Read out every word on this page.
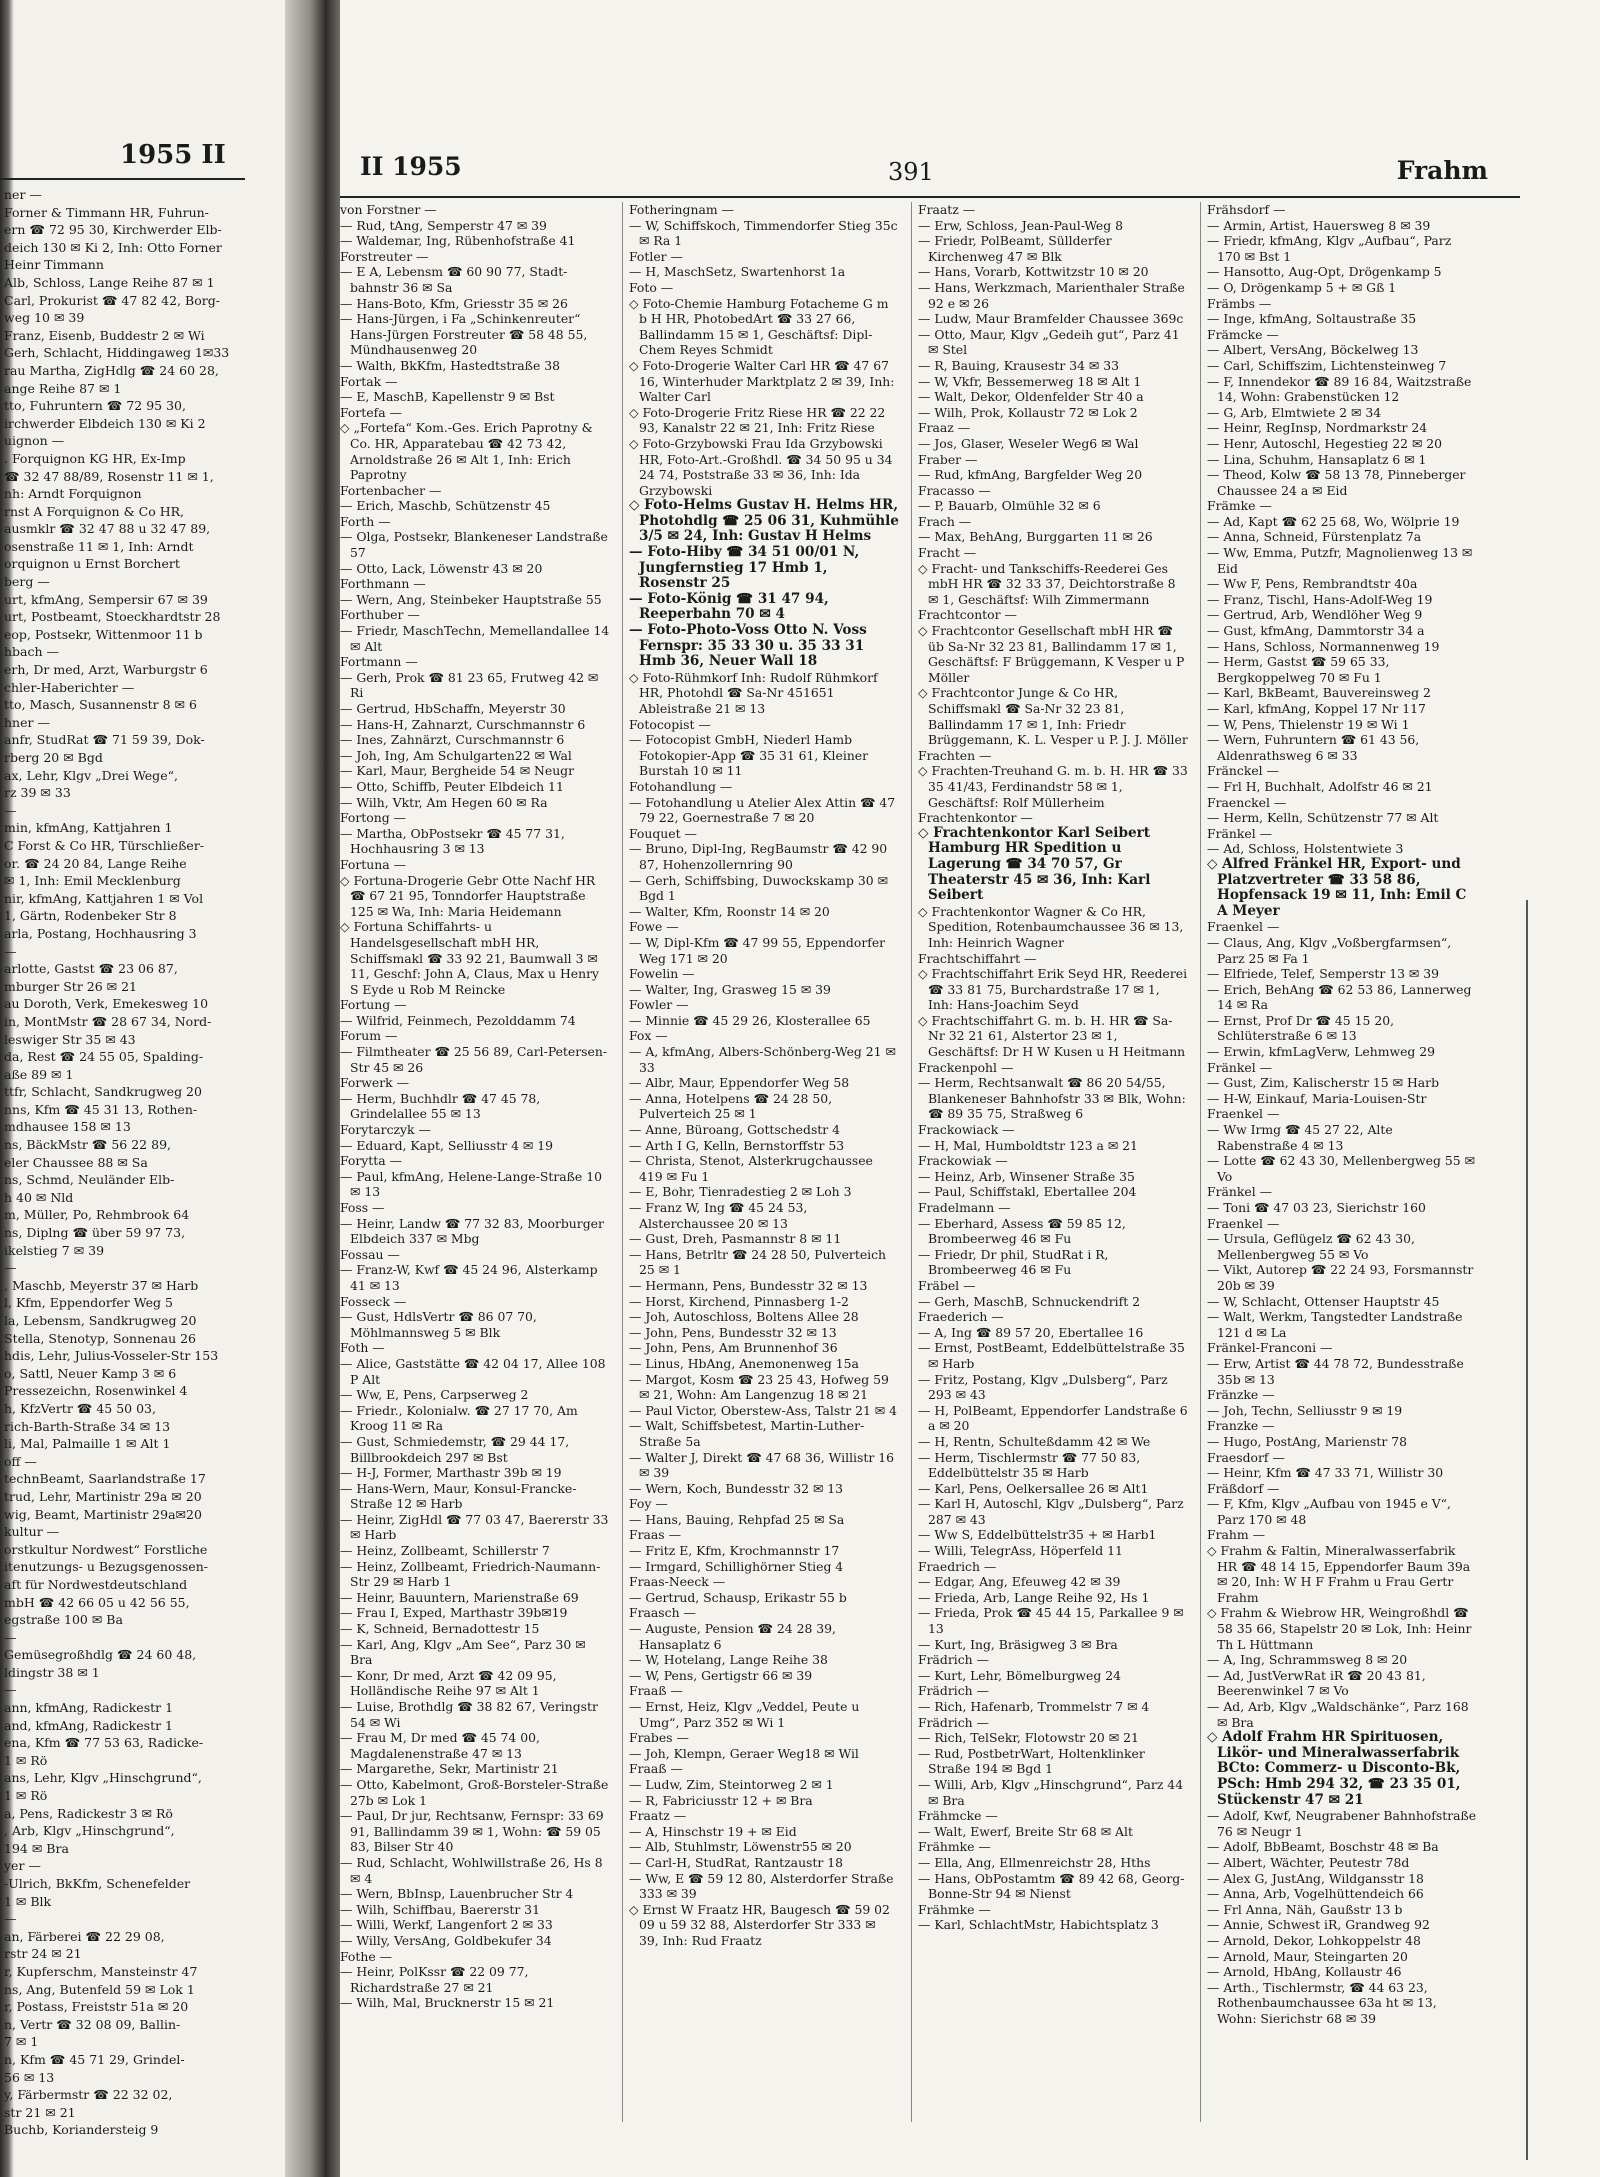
1955 II
ner —
Forner & Timmann HR, Fuhrun-
ern ☎ 72 95 30, Kirchwerder Elb-
deich 130 ✉ Ki 2, Inh: Otto Forner
Heinr Timmann
Alb, Schloss, Lange Reihe 87 ✉ 1
Carl, Prokurist ☎ 47 82 42, Borg-
weg 10 ✉ 39
Franz, Eisenb, Buddestr 2 ✉ Wi
Gerh, Schlacht, Hiddingaweg 1✉33
rau Martha, ZigHdlg ☎ 24 60 28,
ange Reihe 87 ✉ 1
tto, Fuhruntern ☎ 72 95 30,
irchwerder Elbdeich 130 ✉ Ki 2
uignon —
. Forquignon KG HR, Ex-Imp
☎ 32 47 88/89, Rosenstr 11 ✉ 1,
nh: Arndt Forquignon
rnst A Forquignon & Co HR,
ausmklr ☎ 32 47 88 u 32 47 89,
osenstraße 11 ✉ 1, Inh: Arndt
orquignon u Ernst Borchert
berg —
urt, kfmAng, Sempersir 67 ✉ 39
urt, Postbeamt, Stoeckhardtstr 28
eop, Postsekr, Wittenmoor 11 b
hbach —
erh, Dr med, Arzt, Warburgstr 6
chler-Haberichter —
tto, Masch, Susannenstr 8 ✉ 6
hner —
anfr, StudRat ☎ 71 59 39, Dok-
rberg 20 ✉ Bgd
ax, Lehr, Klgv „Drei Wege“,
rz 39 ✉ 33
—
min, kfmAng, Kattjahren 1
C Forst & Co HR, Türschließer-
or. ☎ 24 20 84, Lange Reihe
✉ 1, Inh: Emil Mecklenburg
nir, kfmAng, Kattjahren 1 ✉ Vol
1, Gärtn, Rodenbeker Str 8
arla, Postang, Hochhausring 3
—
arlotte, Gastst ☎ 23 06 87,
mburger Str 26 ✉ 21
au Doroth, Verk, Emekesweg 10
in, MontMstr ☎ 28 67 34, Nord-
leswiger Str 35 ✉ 43
da, Rest ☎ 24 55 05, Spalding-
aße 89 ✉ 1
ttfr, Schlacht, Sandkrugweg 20
nns, Kfm ☎ 45 31 13, Rothen-
mdhausee 158 ✉ 13
ns, BäckMstr ☎ 56 22 89,
eler Chaussee 88 ✉ Sa
ns, Schmd, Neuländer Elb-
h 40 ✉ Nld
m, Müller, Po, Rehmbrook 64
ns, Diplng ☎ über 59 97 73,
ikelstieg 7 ✉ 39
—
, Maschb, Meyerstr 37 ✉ Harb
l, Kfm, Eppendorfer Weg 5
la, Lebensm, Sandkrugweg 20
Stella, Stenotyp, Sonnenau 26
hdis, Lehr, Julius-Vosseler-Str 153
o, Sattl, Neuer Kamp 3 ✉ 6
Pressezeichn, Rosenwinkel 4
h, KfzVertr ☎ 45 50 03,
rich-Barth-Straße 34 ✉ 13
li, Mal, Palmaille 1 ✉ Alt 1
off —
technBeamt, Saarlandstraße 17
trud, Lehr, Martinistr 29a ✉ 20
wig, Beamt, Martinistr 29a✉20
kultur —
orstkultur Nordwest“ Forstliche
itenutzungs- u Bezugsgenossen-
aft für Nordwestdeutschland
mbH ☎ 42 66 05 u 42 56 55,
egstraße 100 ✉ Ba
—
Gemüsegroßhdlg ☎ 24 60 48,
ldingstr 38 ✉ 1
—
ann, kfmAng, Radickestr 1
and, kfmAng, Radickestr 1
ena, Kfm ☎ 77 53 63, Radicke-
1 ✉ Rö
ans, Lehr, Klgv „Hinschgrund“,
1 ✉ Rö
a, Pens, Radickestr 3 ✉ Rö
, Arb, Klgv „Hinschgrund“,
194 ✉ Bra
yer —
-Ulrich, BkKfm, Schenefelder
1 ✉ Blk
—
an, Färberei ☎ 22 29 08,
rstr 24 ✉ 21
r, Kupferschm, Mansteinstr 47
ns, Ang, Butenfeld 59 ✉ Lok 1
r, Postass, Freiststr 51a ✉ 20
n, Vertr ☎ 32 08 09, Ballin-
7 ✉ 1
n, Kfm ☎ 45 71 29, Grindel-
56 ✉ 13
y, Färbermstr ☎ 22 32 02,
str 21 ✉ 21
Buchb, Koriandersteig 9
II 1955	391	Frahm
von Forstner —
— Rud, tAng, Semperstr 47 ✉ 39
— Waldemar, Ing, Rübenhofstraße 41
Forstreuter —
— E A, Lebensm ☎ 60 90 77, Stadt-bahnstr 36 ✉ Sa
— Hans-Boto, Kfm, Griesstr 35 ✉ 26
— Hans-Jürgen, i Fa „Schinkenreuter“ Hans-Jürgen Forstreuter ☎ 58 48 55, Mündhausenweg 20
— Walth, BkKfm, Hastedtstraße 38
Fortak —
— E, MaschB, Kapellenstr 9 ✉ Bst
Fortefa —
◇ „Fortefa“ Kom.-Ges. Erich Paprotny & Co. HR, Apparatebau ☎ 42 73 42, Arnoldstraße 26 ✉ Alt 1, Inh: Erich Paprotny
Fortenbacher —
— Erich, Maschb, Schützenstr 45
Forth —
— Olga, Postsekr, Blankeneser Landstraße 57
— Otto, Lack, Löwenstr 43 ✉ 20
Forthmann —
— Wern, Ang, Steinbeker Hauptstraße 55
Forthuber —
— Friedr, MaschTechn, Memellandallee 14 ✉ Alt
Fortmann —
— Gerh, Prok ☎ 81 23 65, Frutweg 42 ✉ Ri
— Gertrud, HbSchaffn, Meyerstr 30
— Hans-H, Zahnarzt, Curschmannstr 6
— Ines, Zahnärzt, Curschmannstr 6
— Joh, Ing, Am Schulgarten22 ✉ Wal
— Karl, Maur, Bergheide 54 ✉ Neugr
— Otto, Schiffb, Peuter Elbdeich 11
— Wilh, Vktr, Am Hegen 60 ✉ Ra
Fortong —
— Martha, ObPostsekr ☎ 45 77 31, Hochhausring 3 ✉ 13
Fortuna —
◇ Fortuna-Drogerie Gebr Otte Nachf HR ☎ 67 21 95, Tonndorfer Hauptstraße 125 ✉ Wa, Inh: Maria Heidemann
◇ Fortuna Schiffahrts- u Handelsgesellschaft mbH HR, Schiffsmakl ☎ 33 92 21, Baumwall 3 ✉ 11, Geschf: John A, Claus, Max u Henry S Eyde u Rob M Reincke
Fortung —
— Wilfrid, Feinmech, Pezolddamm 74
Forum —
— Filmtheater ☎ 25 56 89, Carl-Petersen-Str 45 ✉ 26
Forwerk —
— Herm, Buchhdlr ☎ 47 45 78, Grindelallee 55 ✉ 13
Forytarczyk —
— Eduard, Kapt, Selliusstr 4 ✉ 19
Forytta —
— Paul, kfmAng, Helene-Lange-Straße 10 ✉ 13
Foss —
— Heinr, Landw ☎ 77 32 83, Moorburger Elbdeich 337 ✉ Mbg
Fossau —
— Franz-W, Kwf ☎ 45 24 96, Alsterkamp 41 ✉ 13
Fosseck —
— Gust, HdlsVertr ☎ 86 07 70, Möhlmannsweg 5 ✉ Blk
Foth —
— Alice, Gaststätte ☎ 42 04 17, Allee 108 P Alt
— Ww, E, Pens, Carpserweg 2
— Friedr., Kolonialw. ☎ 27 17 70, Am Kroog 11 ✉ Ra
— Gust, Schmiedemstr, ☎ 29 44 17, Billbrookdeich 297 ✉ Bst
— H-J, Former, Marthastr 39b ✉ 19
— Hans-Wern, Maur, Konsul-Francke-Straße 12 ✉ Harb
— Heinr, ZigHdl ☎ 77 03 47, Baererstr 33 ✉ Harb
— Heinz, Zollbeamt, Schillerstr 7
— Heinz, Zollbeamt, Friedrich-Naumann-Str 29 ✉ Harb 1
— Heinr, Bauuntern, Marienstraße 69
— Frau I, Exped, Marthastr 39b✉19
— K, Schneid, Bernadottestr 15
— Karl, Ang, Klgv „Am See“, Parz 30 ✉ Bra
— Konr, Dr med, Arzt ☎ 42 09 95, Holländische Reihe 97 ✉ Alt 1
— Luise, Brothdlg ☎ 38 82 67, Veringstr 54 ✉ Wi
— Frau M, Dr med ☎ 45 74 00, Magdalenenstraße 47 ✉ 13
— Margarethe, Sekr, Martinistr 21
— Otto, Kabelmont, Groß-Borsteler-Straße 27b ✉ Lok 1
— Paul, Dr jur, Rechtsanw, Fernspr: 33 69 91, Ballindamm 39 ✉ 1, Wohn: ☎ 59 05 83, Bilser Str 40
— Rud, Schlacht, Wohlwillstraße 26, Hs 8 ✉ 4
— Wern, BbInsp, Lauenbrucher Str 4
— Wilh, Schiffbau, Baererstr 31
— Willi, Werkf, Langenfort 2 ✉ 33
— Willy, VersAng, Goldbekufer 34
Fothe —
— Heinr, PolKssr ☎ 22 09 77, Richardstraße 27 ✉ 21
— Wilh, Mal, Brucknerstr 15 ✉ 21
Fotheringnam —
— W, Schiffskoch, Timmendorfer Stieg 35c ✉ Ra 1
Fotler —
— H, MaschSetz, Swartenhorst 1a
Foto —
◇ Foto-Chemie Hamburg Fotacheme G m b H HR, PhotobedArt ☎ 33 27 66, Ballindamm 15 ✉ 1, Geschäftsf: Dipl-Chem Reyes Schmidt
◇ Foto-Drogerie Walter Carl HR ☎ 47 67 16, Winterhuder Marktplatz 2 ✉ 39, Inh: Walter Carl
◇ Foto-Drogerie Fritz Riese HR ☎ 22 22 93, Kanalstr 22 ✉ 21, Inh: Fritz Riese
◇ Foto-Grzybowski Frau Ida Grzybowski HR, Foto-Art.-Großhdl. ☎ 34 50 95 u 34 24 74, Poststraße 33 ✉ 36, Inh: Ida Grzybowski
◇ Foto-Helms Gustav H. Helms HR, Photohdlg ☎ 25 06 31, Kuhmühle 3/5 ✉ 24, Inh: Gustav H Helms
— Foto-Hiby ☎ 34 51 00/01 N, Jungfernstieg 17 Hmb 1, Rosenstr 25
— Foto-König ☎ 31 47 94, Reeperbahn 70 ✉ 4
— Foto-Photo-Voss Otto N. Voss Fernspr: 35 33 30 u. 35 33 31 Hmb 36, Neuer Wall 18
◇ Foto-Rühmkorf Inh: Rudolf Rühmkorf HR, Photohdl ☎ Sa-Nr 451651 Ableistraße 21 ✉ 13
Fotocopist —
— Fotocopist GmbH, Niederl Hamb Fotokopier-App ☎ 35 31 61, Kleiner Burstah 10 ✉ 11
Fotohandlung —
— Fotohandlung u Atelier Alex Attin ☎ 47 79 22, Goernestraße 7 ✉ 20
Fouquet —
— Bruno, Dipl-Ing, RegBaumstr ☎ 42 90 87, Hohenzollernring 90
— Gerh, Schiffsbing, Duwockskamp 30 ✉ Bgd 1
— Walter, Kfm, Roonstr 14 ✉ 20
Fowe —
— W, Dipl-Kfm ☎ 47 99 55, Eppendorfer Weg 171 ✉ 20
Fowelin —
— Walter, Ing, Grasweg 15 ✉ 39
Fowler —
— Minnie ☎ 45 29 26, Klosterallee 65
Fox —
— A, kfmAng, Albers-Schönberg-Weg 21 ✉ 33
— Albr, Maur, Eppendorfer Weg 58
— Anna, Hotelpens ☎ 24 28 50, Pulverteich 25 ✉ 1
— Anne, Büroang, Gottschedstr 4
— Arth I G, Kelln, Bernstorffstr 53
— Christa, Stenot, Alsterkrugchaussee 419 ✉ Fu 1
— E, Bohr, Tienradestieg 2 ✉ Loh 3
— Franz W, Ing ☎ 45 24 53, Alsterchaussee 20 ✉ 13
— Gust, Dreh, Pasmannstr 8 ✉ 11
— Hans, Betrltr ☎ 24 28 50, Pulverteich 25 ✉ 1
— Hermann, Pens, Bundesstr 32 ✉ 13
— Horst, Kirchend, Pinnasberg 1-2
— Joh, Autoschloss, Boltens Allee 28
— John, Pens, Bundesstr 32 ✉ 13
— John, Pens, Am Brunnenhof 36
— Linus, HbAng, Anemonenweg 15a
— Margot, Kosm ☎ 23 25 43, Hofweg 59 ✉ 21, Wohn: Am Langenzug 18 ✉ 21
— Paul Victor, Oberstew-Ass, Talstr 21 ✉ 4
— Walt, Schiffsbetest, Martin-Luther-Straße 5a
— Walter J, Direkt ☎ 47 68 36, Willistr 16 ✉ 39
— Wern, Koch, Bundesstr 32 ✉ 13
Foy —
— Hans, Bauing, Rehpfad 25 ✉ Sa
Fraas —
— Fritz E, Kfm, Krochmannstr 17
— Irmgard, Schillighörner Stieg 4
Fraas-Neeck —
— Gertrud, Schausp, Erikastr 55 b
Fraasch —
— Auguste, Pension ☎ 24 28 39, Hansaplatz 6
— W, Hotelang, Lange Reihe 38
— W, Pens, Gertigstr 66 ✉ 39
Fraaß —
— Ernst, Heiz, Klgv „Veddel, Peute u Umg“, Parz 352 ✉ Wi 1
Frabes —
— Joh, Klempn, Geraer Weg18 ✉ Wil
Fraaß —
— Ludw, Zim, Steintorweg 2 ✉ 1
— R, Fabriciusstr 12 + ✉ Bra
Fraatz —
— A, Hinschstr 19 + ✉ Eid
— Alb, Stuhlmstr, Löwenstr55 ✉ 20
— Carl-H, StudRat, Rantzaustr 18
— Ww, E ☎ 59 12 80, Alsterdorfer Straße 333 ✉ 39
◇ Ernst W Fraatz HR, Baugesch ☎ 59 02 09 u 59 32 88, Alsterdorfer Str 333 ✉ 39, Inh: Rud Fraatz
Fraatz —
— Erw, Schloss, Jean-Paul-Weg 8
— Friedr, PolBeamt, Süllderfer Kirchenweg 47 ✉ Blk
— Hans, Vorarb, Kottwitzstr 10 ✉ 20
— Hans, Werkzmach, Marienthaler Straße 92 e ✉ 26
— Ludw, Maur Bramfelder Chaussee 369c
— Otto, Maur, Klgv „Gedeih gut“, Parz 41 ✉ Stel
— R, Bauing, Krausestr 34 ✉ 33
— W, Vkfr, Bessemerweg 18 ✉ Alt 1
— Walt, Dekor, Oldenfelder Str 40 a
— Wilh, Prok, Kollaustr 72 ✉ Lok 2
Fraaz —
— Jos, Glaser, Weseler Weg6 ✉ Wal
Fraber —
— Rud, kfmAng, Bargfelder Weg 20
Fracasso —
— P, Bauarb, Olmühle 32 ✉ 6
Frach —
— Max, BehAng, Burggarten 11 ✉ 26
Fracht —
◇ Fracht- und Tankschiffs-Reederei Ges mbH HR ☎ 32 33 37, Deichtorstraße 8 ✉ 1, Geschäftsf: Wilh Zimmermann
Frachtcontor —
◇ Frachtcontor Gesellschaft mbH HR ☎ üb Sa-Nr 32 23 81, Ballindamm 17 ✉ 1, Geschäftsf: F Brüggemann, K Vesper u P Möller
◇ Frachtcontor Junge & Co HR, Schiffsmakl ☎ Sa-Nr 32 23 81, Ballindamm 17 ✉ 1, Inh: Friedr Brüggemann, K. L. Vesper u P. J. J. Möller
Frachten —
◇ Frachten-Treuhand G. m. b. H. HR ☎ 33 35 41/43, Ferdinandstr 58 ✉ 1, Geschäftsf: Rolf Müllerheim
Frachtenkontor —
◇ Frachtenkontor Karl Seibert Hamburg HR Spedition u Lagerung ☎ 34 70 57, Gr Theaterstr 45 ✉ 36, Inh: Karl Seibert
◇ Frachtenkontor Wagner & Co HR, Spedition, Rotenbaumchaussee 36 ✉ 13, Inh: Heinrich Wagner
Frachtschiffahrt —
◇ Frachtschiffahrt Erik Seyd HR, Reederei ☎ 33 81 75, Burchardstraße 17 ✉ 1, Inh: Hans-Joachim Seyd
◇ Frachtschiffahrt G. m. b. H. HR ☎ Sa-Nr 32 21 61, Alstertor 23 ✉ 1, Geschäftsf: Dr H W Kusen u H Heitmann
Frackenpohl —
— Herm, Rechtsanwalt ☎ 86 20 54/55, Blankeneser Bahnhofstr 33 ✉ Blk, Wohn: ☎ 89 35 75, Straßweg 6
Frackowiack —
— H, Mal, Humboldtstr 123 a ✉ 21
Frackowiak —
— Heinz, Arb, Winsener Straße 35
— Paul, Schiffstakl, Ebertallee 204
Fradelmann —
— Eberhard, Assess ☎ 59 85 12, Brombeerweg 46 ✉ Fu
— Friedr, Dr phil, StudRat i R, Brombeerweg 46 ✉ Fu
Fräbel —
— Gerh, MaschB, Schnuckendrift 2
Fraederich —
— A, Ing ☎ 89 57 20, Ebertallee 16
— Ernst, PostBeamt, Eddelbüttelstraße 35 ✉ Harb
— Fritz, Postang, Klgv „Dulsberg“, Parz 293 ✉ 43
— H, PolBeamt, Eppendorfer Landstraße 6 a ✉ 20
— H, Rentn, Schulteßdamm 42 ✉ We
— Herm, Tischlermstr ☎ 77 50 83, Eddelbüttelstr 35 ✉ Harb
— Karl, Pens, Oelkersallee 26 ✉ Alt1
— Karl H, Autoschl, Klgv „Dulsberg“, Parz 287 ✉ 43
— Ww S, Eddelbüttelstr35 + ✉ Harb1
— Willi, TelegrAss, Höperfeld 11
Fraedrich —
— Edgar, Ang, Efeuweg 42 ✉ 39
— Frieda, Arb, Lange Reihe 92, Hs 1
— Frieda, Prok ☎ 45 44 15, Parkallee 9 ✉ 13
— Kurt, Ing, Bräsigweg 3 ✉ Bra
Frädrich —
— Kurt, Lehr, Bömelburgweg 24
Frädrich —
— Rich, Hafenarb, Trommelstr 7 ✉ 4
Frädrich —
— Rich, TelSekr, Flotowstr 20 ✉ 21
— Rud, PostbetrWart, Holtenklinker Straße 194 ✉ Bgd 1
— Willi, Arb, Klgv „Hinschgrund“, Parz 44 ✉ Bra
Frähmcke —
— Walt, Ewerf, Breite Str 68 ✉ Alt
Frähmke —
— Ella, Ang, Ellmenreichstr 28, Hths
— Hans, ObPostamtm ☎ 89 42 68, Georg-Bonne-Str 94 ✉ Nienst
Frähmke —
— Karl, SchlachtMstr, Habichtsplatz 3
Frähsdorf —
— Armin, Artist, Hauersweg 8 ✉ 39
— Friedr, kfmAng, Klgv „Aufbau“, Parz 170 ✉ Bst 1
— Hansotto, Aug-Opt, Drögenkamp 5
— O, Drögenkamp 5 + ✉ Gß 1
Främbs —
— Inge, kfmAng, Soltaustraße 35
Främcke —
— Albert, VersAng, Böckelweg 13
— Carl, Schiffszim, Lichtensteinweg 7
— F, Innendekor ☎ 89 16 84, Waitzstraße 14, Wohn: Grabenstücken 12
— G, Arb, Elmtwiete 2 ✉ 34
— Heinr, RegInsp, Nordmarkstr 24
— Henr, Autoschl, Hegestieg 22 ✉ 20
— Lina, Schuhm, Hansaplatz 6 ✉ 1
— Theod, Kolw ☎ 58 13 78, Pinneberger Chaussee 24 a ✉ Eid
Främke —
— Ad, Kapt ☎ 62 25 68, Wo, Wölprie 19
— Anna, Schneid, Fürstenplatz 7a
— Ww, Emma, Putzfr, Magnolienweg 13 ✉ Eid
— Ww F, Pens, Rembrandtstr 40a
— Franz, Tischl, Hans-Adolf-Weg 19
— Gertrud, Arb, Wendlöher Weg 9
— Gust, kfmAng, Dammtorstr 34 a
— Hans, Schloss, Normannenweg 19
— Herm, Gastst ☎ 59 65 33, Bergkoppelweg 70 ✉ Fu 1
— Karl, BkBeamt, Bauvereinsweg 2
— Karl, kfmAng, Koppel 17 Nr 117
— W, Pens, Thielenstr 19 ✉ Wi 1
— Wern, Fuhruntern ☎ 61 43 56, Aldenrathsweg 6 ✉ 33
Fränckel —
— Frl H, Buchhalt, Adolfstr 46 ✉ 21
Fraenckel —
— Herm, Kelln, Schützenstr 77 ✉ Alt
Fränkel —
— Ad, Schloss, Holstentwiete 3
◇ Alfred Fränkel HR, Export- und Platzvertreter ☎ 33 58 86, Hopfensack 19 ✉ 11, Inh: Emil C A Meyer
Fraenkel —
— Claus, Ang, Klgv „Voßbergfarmsen“, Parz 25 ✉ Fa 1
— Elfriede, Telef, Semperstr 13 ✉ 39
— Erich, BehAng ☎ 62 53 86, Lannerweg 14 ✉ Ra
— Ernst, Prof Dr ☎ 45 15 20, Schlüterstraße 6 ✉ 13
— Erwin, kfmLagVerw, Lehmweg 29
Fränkel —
— Gust, Zim, Kalischerstr 15 ✉ Harb
— H-W, Einkauf, Maria-Louisen-Str
Fraenkel —
— Ww Irmg ☎ 45 27 22, Alte Rabenstraße 4 ✉ 13
— Lotte ☎ 62 43 30, Mellenbergweg 55 ✉ Vo
Fränkel —
— Toni ☎ 47 03 23, Sierichstr 160
Fraenkel —
— Ursula, Geflügelz ☎ 62 43 30, Mellenbergweg 55 ✉ Vo
— Vikt, Autorep ☎ 22 24 93, Forsmannstr 20b ✉ 39
— W, Schlacht, Ottenser Hauptstr 45
— Walt, Werkm, Tangstedter Landstraße 121 d ✉ La
Fränkel-Franconi —
— Erw, Artist ☎ 44 78 72, Bundesstraße 35b ✉ 13
Fränzke —
— Joh, Techn, Selliusstr 9 ✉ 19
Franzke —
— Hugo, PostAng, Marienstr 78
Fraesdorf —
— Heinr, Kfm ☎ 47 33 71, Willistr 30
Fräßdorf —
— F, Kfm, Klgv „Aufbau von 1945 e V“, Parz 170 ✉ 48
Frahm —
◇ Frahm & Faltin, Mineralwasserfabrik HR ☎ 48 14 15, Eppendorfer Baum 39a ✉ 20, Inh: W H F Frahm u Frau Gertr Frahm
◇ Frahm & Wiebrow HR, Weingroßhdl ☎ 58 35 66, Stapelstr 20 ✉ Lok, Inh: Heinr Th L Hüttmann
— A, Ing, Schrammsweg 8 ✉ 20
— Ad, JustVerwRat iR ☎ 20 43 81, Beerenwinkel 7 ✉ Vo
— Ad, Arb, Klgv „Waldschänke“, Parz 168 ✉ Bra
◇ Adolf Frahm HR Spirituosen, Likör- und Mineralwasserfabrik BCto: Commerz- u Disconto-Bk, PSch: Hmb 294 32, ☎ 23 35 01, Stückenstr 47 ✉ 21
— Adolf, Kwf, Neugrabener Bahnhofstraße 76 ✉ Neugr 1
— Adolf, BbBeamt, Boschstr 48 ✉ Ba
— Albert, Wächter, Peutestr 78d
— Alex G, JustAng, Wildgansstr 18
— Anna, Arb, Vogelhüttendeich 66
— Frl Anna, Näh, Gaußstr 13 b
— Annie, Schwest iR, Grandweg 92
— Arnold, Dekor, Lohkoppelstr 48
— Arnold, Maur, Steingarten 20
— Arnold, HbAng, Kollaustr 46
— Arth., Tischlermstr, ☎ 44 63 23, Rothenbaumchaussee 63a ht ✉ 13, Wohn: Sierichstr 68 ✉ 39
